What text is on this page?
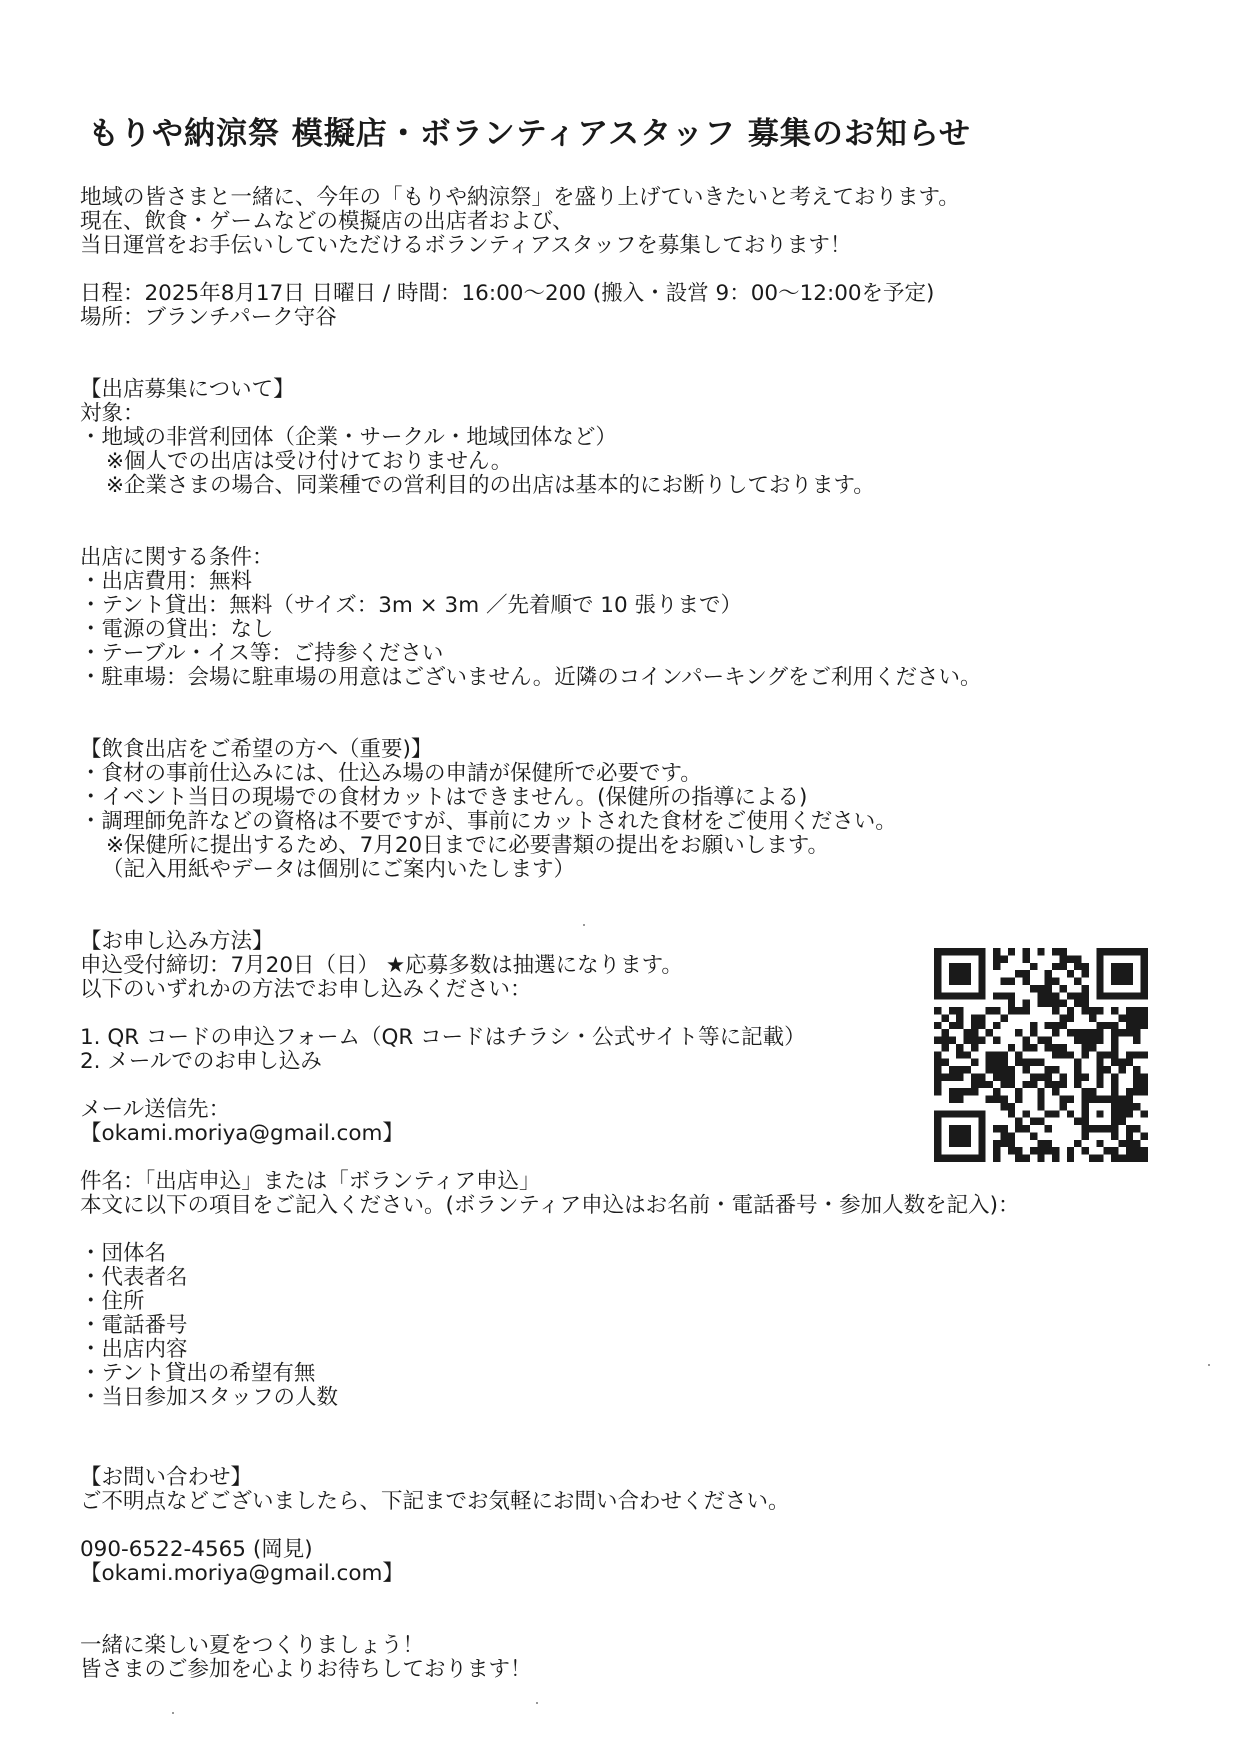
もりや納涼祭 模擬店・ボランティアスタッフ 募集のお知らせ
地域の皆さまと一緒に、今年の「もりや納涼祭」を盛り上げていきたいと考えております。
現在、飲食・ゲームなどの模擬店の出店者および、
当日運営をお手伝いしていただけるボランティアスタッフを募集しております！
日程：2025年8月17日 日曜日 / 時間：16:00〜200 (搬入・設営 9：00〜12:00を予定)
場所：ブランチパーク守谷
【出店募集について】
対象：
・地域の非営利団体（企業・サークル・地域団体など）
※個人での出店は受け付けておりません。
※企業さまの場合、同業種での営利目的の出店は基本的にお断りしております。
出店に関する条件：
・出店費用：無料
・テント貸出：無料（サイズ：3m × 3m ／先着順で 10 張りまで）
・電源の貸出：なし
・テーブル・イス等：ご持参ください
・駐車場：会場に駐車場の用意はございません。近隣のコインパーキングをご利用ください。
【飲食出店をご希望の方へ（重要)】
・食材の事前仕込みには、仕込み場の申請が保健所で必要です。
・イベント当日の現場での食材カットはできません。(保健所の指導による)
・調理師免許などの資格は不要ですが、事前にカットされた食材をご使用ください。
※保健所に提出するため、7月20日までに必要書類の提出をお願いします。
（記入用紙やデータは個別にご案内いたします）
【お申し込み方法】
申込受付締切：7月20日（日） ★応募多数は抽選になります。
以下のいずれかの方法でお申し込みください：
1. QR コードの申込フォーム（QR コードはチラシ・公式サイト等に記載）
2. メールでのお申し込み
メール送信先：
【okami.moriya@gmail.com】
件名：「出店申込」または「ボランティア申込」
本文に以下の項目をご記入ください。(ボランティア申込はお名前・電話番号・参加人数を記入)：
・団体名
・代表者名
・住所
・電話番号
・出店内容
・テント貸出の希望有無
・当日参加スタッフの人数
【お問い合わせ】
ご不明点などございましたら、下記までお気軽にお問い合わせください。
090-6522-4565 (岡見)
【okami.moriya@gmail.com】
一緒に楽しい夏をつくりましょう！
皆さまのご参加を心よりお待ちしております！
